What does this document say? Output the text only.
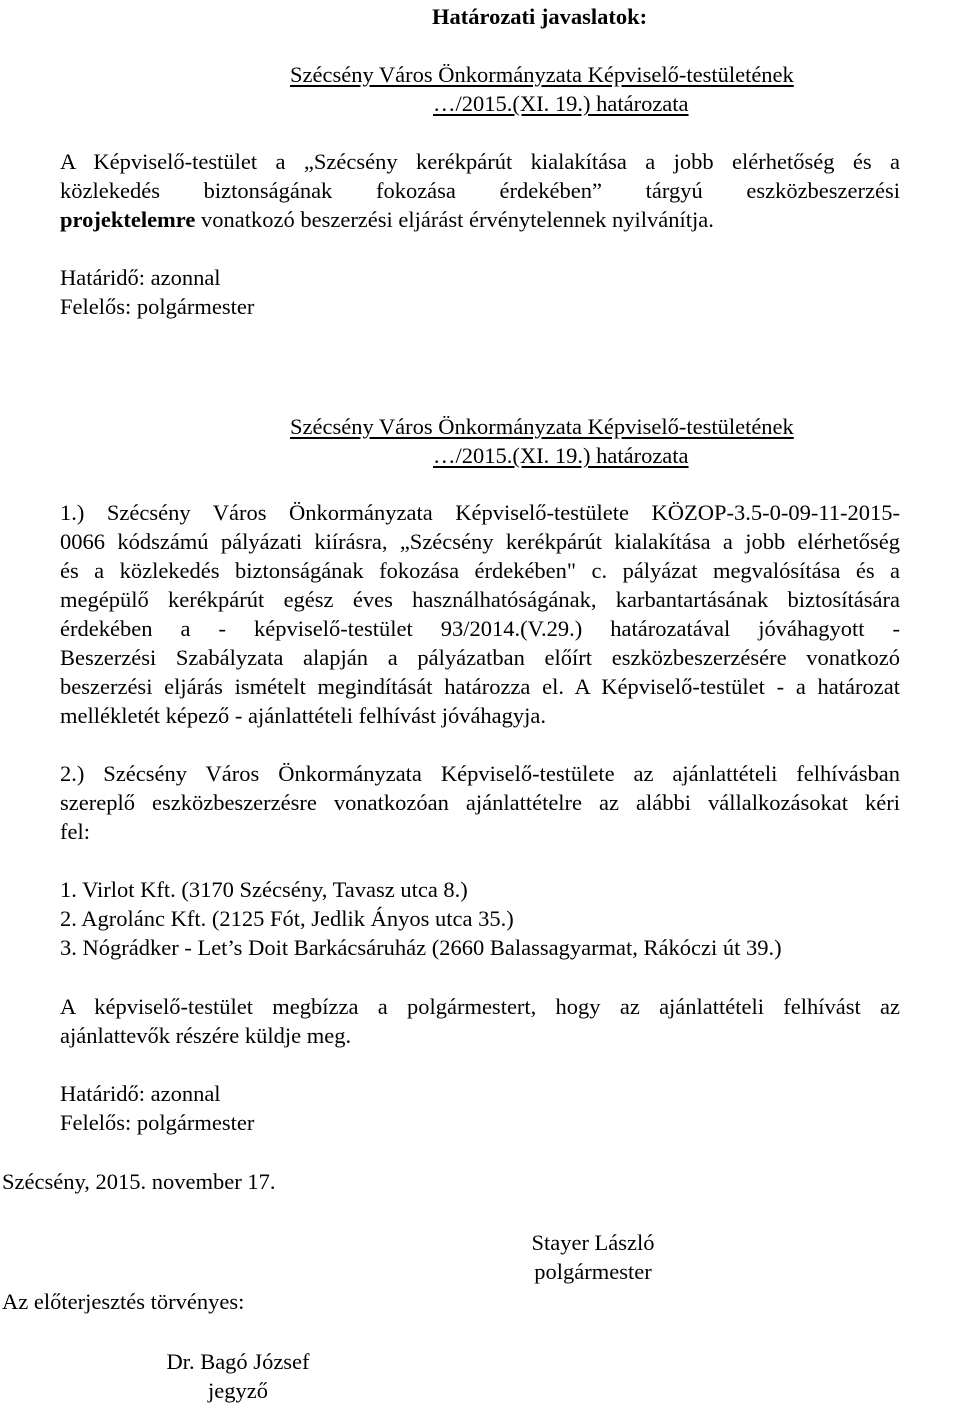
Határozati javaslatok:
Szécsény Város Önkormányzata Képviselő-testületének
…/2015.(XI. 19.) határozata
A Képviselő-testület a „Szécsény kerékpárút kialakítása a jobb elérhetőség és a
közlekedés biztonságának fokozása érdekében” tárgyú eszközbeszerzési
projektelemre vonatkozó beszerzési eljárást érvénytelennek nyilvánítja.
Határidő: azonnal
Felelős: polgármester
Szécsény Város Önkormányzata Képviselő-testületének
…/2015.(XI. 19.) határozata
1.) Szécsény Város Önkormányzata Képviselő-testülete KÖZOP-3.5-0-09-11-2015-
0066 kódszámú pályázati kiírásra, „Szécsény kerékpárút kialakítása a jobb elérhetőség
és a közlekedés biztonságának fokozása érdekében" c. pályázat megvalósítása és a
megépülő kerékpárút egész éves használhatóságának, karbantartásának biztosítására
érdekében a - képviselő-testület 93/2014.(V.29.) határozatával jóváhagyott -
Beszerzési Szabályzata alapján a pályázatban előírt eszközbeszerzésére vonatkozó
beszerzési eljárás ismételt megindítását határozza el. A Képviselő-testület - a határozat
mellékletét képező - ajánlattételi felhívást jóváhagyja.
2.) Szécsény Város Önkormányzata Képviselő-testülete az ajánlattételi felhívásban
szereplő eszközbeszerzésre vonatkozóan ajánlattételre az alábbi vállalkozásokat kéri
fel:
1. Virlot Kft. (3170 Szécsény, Tavasz utca 8.)
2. Agrolánc Kft. (2125 Fót, Jedlik Ányos utca 35.)
3. Nógrádker - Let’s Doit Barkácsáruház (2660 Balassagyarmat, Rákóczi út 39.)
A képviselő-testület megbízza a polgármestert, hogy az ajánlattételi felhívást az
ajánlattevők részére küldje meg.
Határidő: azonnal
Felelős: polgármester
Szécsény, 2015. november 17.
Stayer László
polgármester
Az előterjesztés törvényes:
Dr. Bagó József
jegyző
